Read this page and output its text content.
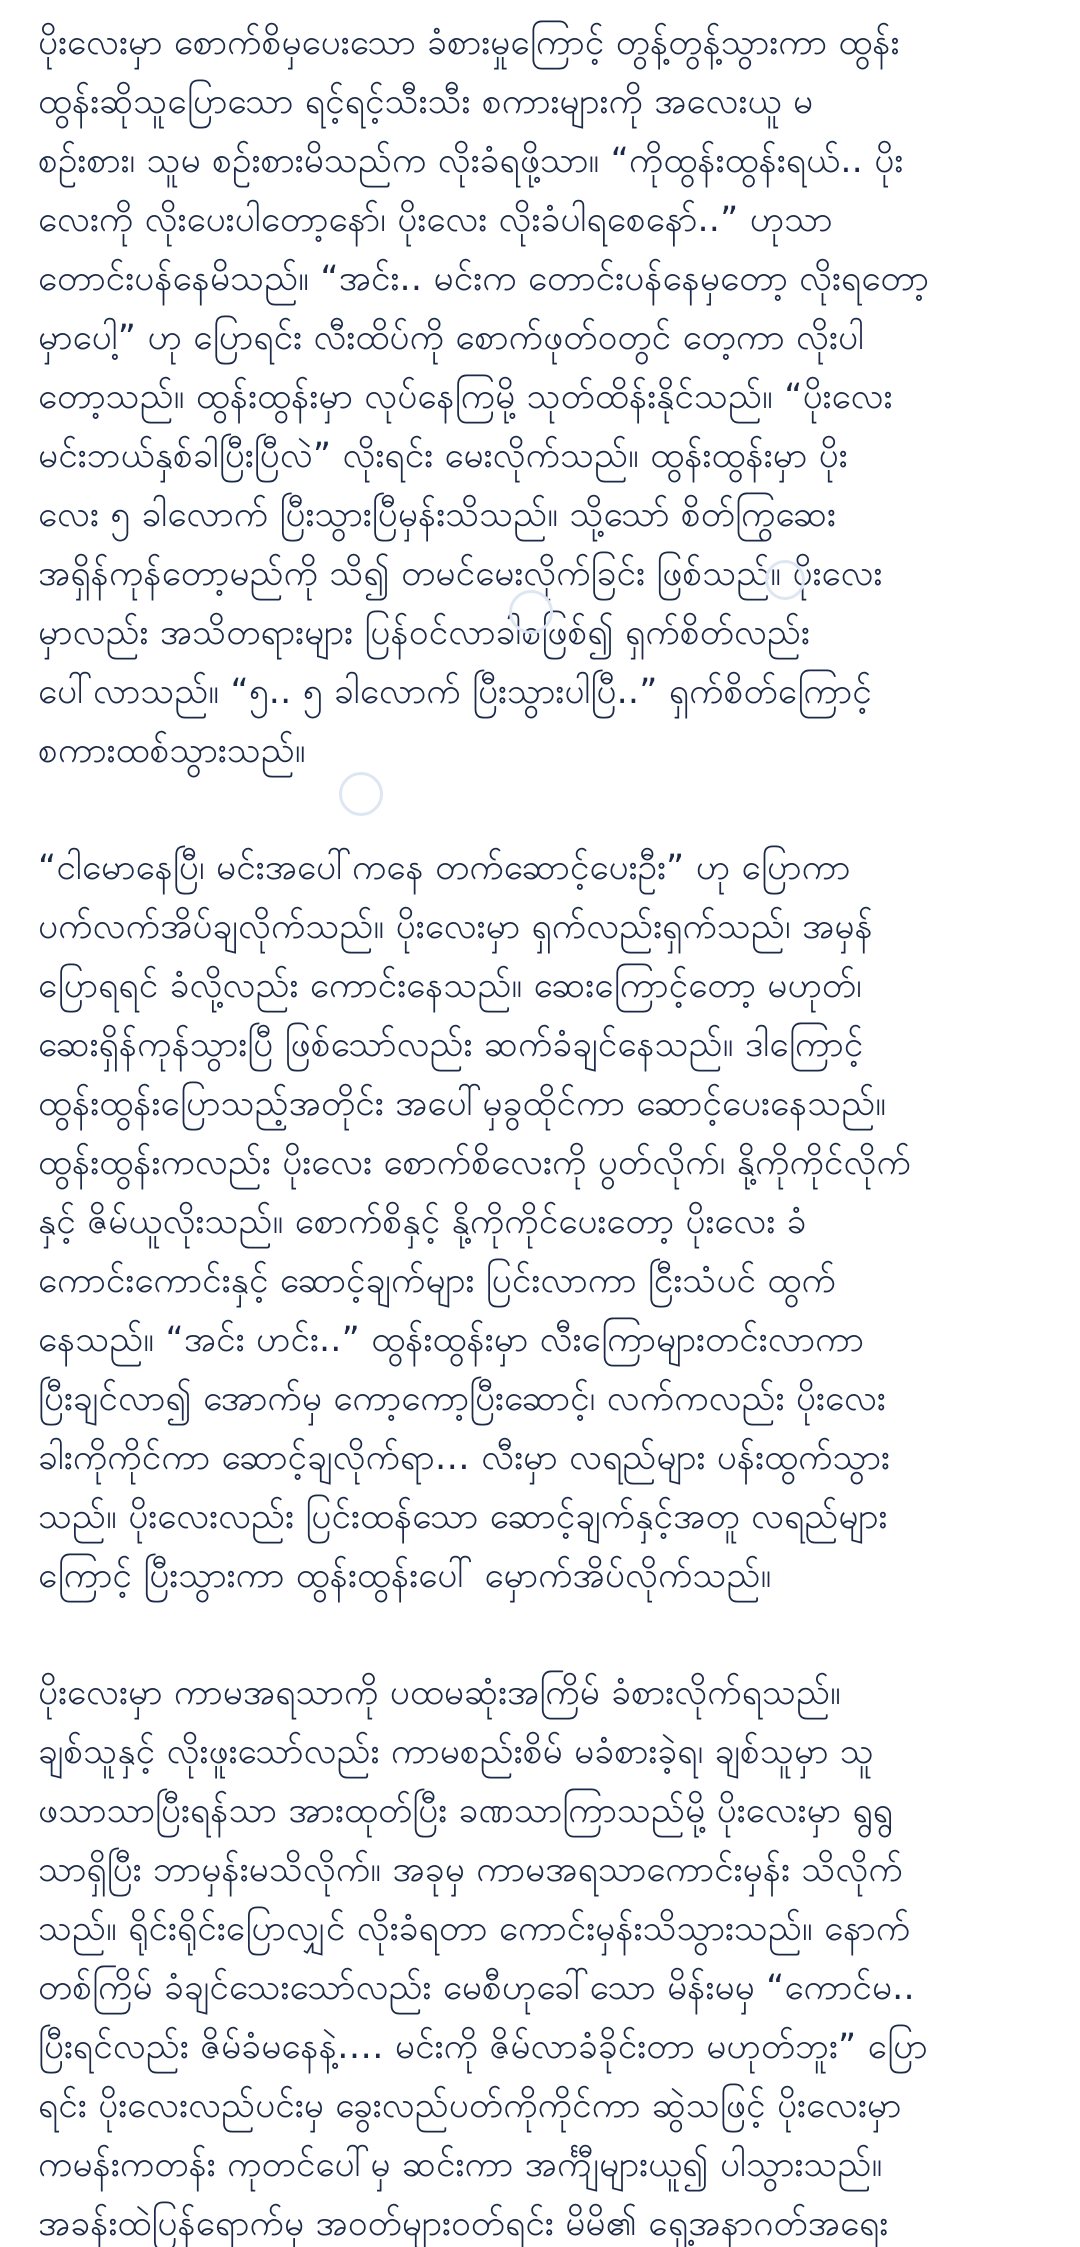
ပိုးလေးမှာ စောက်စိမှပေးသော ခံစားမှုကြောင့် တွန့်တွန့်သွားကာ ထွန်း
ထွန်းဆိုသူပြောသော ရင့်ရင့်သီးသီး စကားများကို အလေးယူ မ
စဉ်းစား၊ သူမ စဉ်းစားမိသည်က လိုးခံရဖို့သာ။ “ကိုထွန်းထွန်းရယ်.. ပိုး
လေးကို လိုးပေးပါတော့နော်၊ ပိုးလေး လိုးခံပါရစေနော်..” ဟုသာ
တောင်းပန်နေမိသည်။ “အင်း.. မင်းက တောင်းပန်နေမှတော့ လိုးရတော့
မှာပေါ့” ဟု ပြောရင်း လီးထိပ်ကို စောက်ဖုတ်ဝတွင် တေ့ကာ လိုးပါ
တော့သည်။ ထွန်းထွန်းမှာ လုပ်နေကြမို့ သုတ်ထိန်းနိုင်သည်။ “ပိုးလေး
မင်းဘယ်နှစ်ခါပြီးပြီလဲ” လိုးရင်း မေးလိုက်သည်။ ထွန်းထွန်းမှာ ပိုး
လေး ၅ ခါလောက် ပြီးသွားပြီမှန်းသိသည်။ သို့သော် စိတ်ကြွဆေး
အရှိန်ကုန်တော့မည်ကို သိ၍ တမင်မေးလိုက်ခြင်း ဖြစ်သည်။ ပိုးလေး
မှာလည်း အသိတရားများ ပြန်ဝင်လာခါစဖြစ်၍ ရှက်စိတ်လည်း
ပေါ်လာသည်။ “၅.. ၅ ခါလောက် ပြီးသွားပါပြီ..” ရှက်စိတ်ကြောင့်
စကားထစ်သွားသည်။

“ငါမောနေပြီ၊ မင်းအပေါ်ကနေ တက်ဆောင့်ပေးဦး” ဟု ပြောကာ
ပက်လက်အိပ်ချလိုက်သည်။ ပိုးလေးမှာ ရှက်လည်းရှက်သည်၊ အမှန်
ပြောရရင် ခံလို့လည်း ကောင်းနေသည်။ ဆေးကြောင့်တော့ မဟုတ်၊
ဆေးရှိန်ကုန်သွားပြီ ဖြစ်သော်လည်း ဆက်ခံချင်နေသည်။ ဒါကြောင့်
ထွန်းထွန်းပြောသည့်အတိုင်း အပေါ်မှခွထိုင်ကာ ဆောင့်ပေးနေသည်။
ထွန်းထွန်းကလည်း ပိုးလေး စောက်စိလေးကို ပွတ်လိုက်၊ နို့ကိုကိုင်လိုက်
နှင့် ဇိမ်ယူလိုးသည်။ စောက်စိနှင့် နို့ကိုကိုင်ပေးတော့ ပိုးလေး ခံ
ကောင်းကောင်းနှင့် ဆောင့်ချက်များ ပြင်းလာကာ ငြီးသံပင် ထွက်
နေသည်။ “အင်း ဟင်း..” ထွန်းထွန်းမှာ လီးကြောများတင်းလာကာ
ပြီးချင်လာ၍ အောက်မှ ကော့ကော့ပြီးဆောင့်၊ လက်ကလည်း ပိုးလေး
ခါးကိုကိုင်ကာ ဆောင့်ချလိုက်ရာ… လီးမှာ လရည်များ ပန်းထွက်သွား
သည်။ ပိုးလေးလည်း ပြင်းထန်သော ဆောင့်ချက်နှင့်အတူ လရည်များ
ကြောင့် ပြီးသွားကာ ထွန်းထွန်းပေါ် မှောက်အိပ်လိုက်သည်။

ပိုးလေးမှာ ကာမအရသာကို ပထမဆုံးအကြိမ် ခံစားလိုက်ရသည်။
ချစ်သူနှင့် လိုးဖူးသော်လည်း ကာမစည်းစိမ် မခံစားခဲ့ရ၊ ချစ်သူမှာ သူ
ဖသာသာပြီးရန်သာ အားထုတ်ပြီး ခဏသာကြာသည်မို့ ပိုးလေးမှာ ရွရွ
သာရှိပြီး ဘာမှန်းမသိလိုက်။ အခုမှ ကာမအရသာကောင်းမှန်း သိလိုက်
သည်။ ရိုင်းရိုင်းပြောလျှင် လိုးခံရတာ ကောင်းမှန်းသိသွားသည်။ နောက်
တစ်ကြိမ် ခံချင်သေးသော်လည်း မေစီဟုခေါ်သော မိန်းမမှ “ကောင်မ..
ပြီးရင်လည်း ဇိမ်ခံမနေနဲ့…. မင်းကို ဇိမ်လာခံခိုင်းတာ မဟုတ်ဘူး” ပြော
ရင်း ပိုးလေးလည်ပင်းမှ ခွေးလည်ပတ်ကိုကိုင်ကာ ဆွဲသဖြင့် ပိုးလေးမှာ
ကမန်းကတန်း ကုတင်ပေါ်မှ ဆင်းကာ အင်္ကျီများယူ၍ ပါသွားသည်။
အခန်းထဲပြန်ရောက်မှ အဝတ်များဝတ်ရင်း မိမိ၏ ရှေ့အနာဂတ်အရေး
